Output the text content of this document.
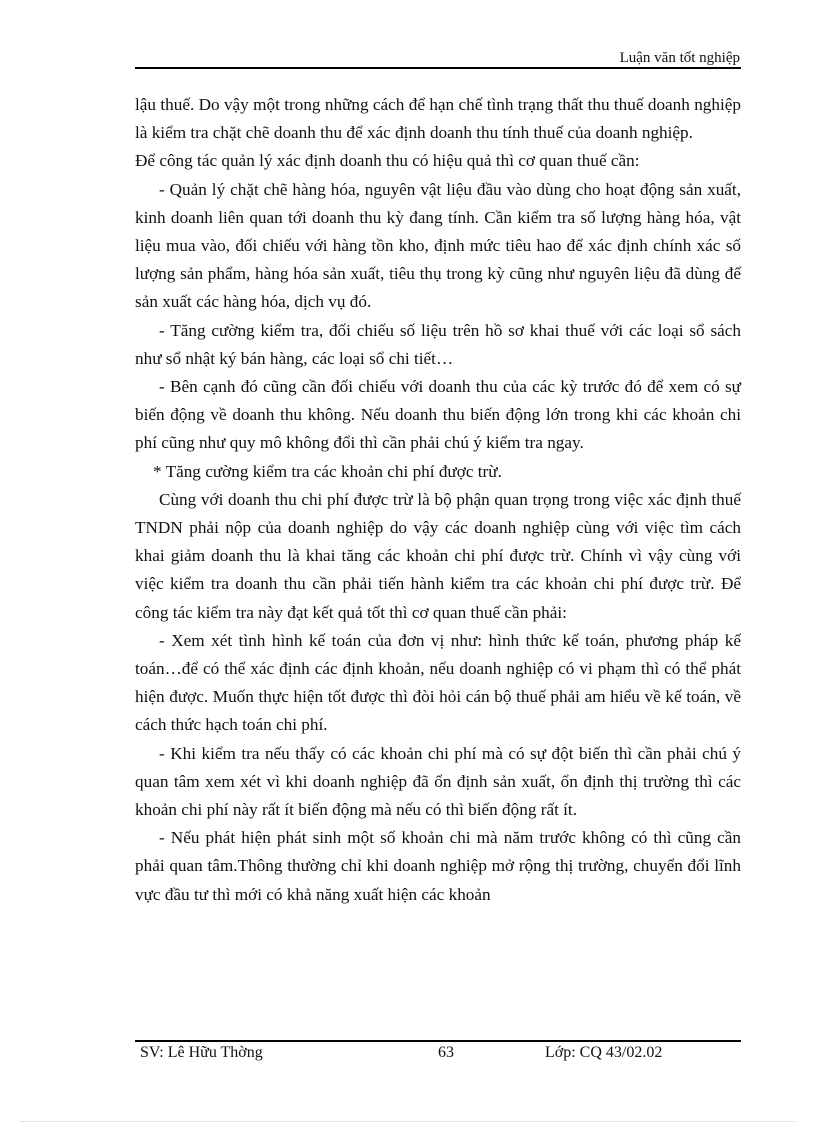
Luận văn tốt nghiệp

lậu thuế. Do vậy một trong những cách để hạn chế tình trạng thất thu thuế doanh nghiệp là kiểm tra chặt chẽ doanh thu để xác định doanh thu tính thuế của doanh nghiệp.

Để công tác quản lý xác định doanh thu có hiệu quả thì cơ quan thuế cần:

- Quản lý chặt chẽ hàng hóa, nguyên vật liệu đầu vào dùng cho hoạt động sản xuất, kinh doanh liên quan tới doanh thu kỳ đang tính. Cần kiểm tra số lượng hàng hóa, vật liệu mua vào, đối chiếu với hàng tồn kho, định mức tiêu hao để xác định chính xác số lượng sản phẩm, hàng hóa sản xuất, tiêu thụ trong kỳ cũng như nguyên liệu đã dùng để sản xuất các hàng hóa, dịch vụ đó.

- Tăng cường kiểm tra, đối chiếu số liệu trên hồ sơ khai thuế với các loại sổ sách như sổ nhật ký bán hàng, các loại sổ chi tiết…

- Bên cạnh đó cũng cần đối chiếu với doanh thu của các kỳ trước đó để xem có sự biến động về doanh thu không. Nếu doanh thu biến động lớn trong khi các khoản chi phí cũng như quy mô không đổi thì cần phải chú ý kiểm tra ngay.

* Tăng cường kiểm tra các khoản chi phí được trừ.

Cùng với doanh thu chi phí được trừ là bộ phận quan trọng trong việc xác định thuế TNDN phải nộp của doanh nghiệp do vậy các doanh nghiệp cùng với việc tìm cách khai giảm doanh thu là khai tăng các khoản chi phí được trừ. Chính vì vậy cùng với việc kiểm tra doanh thu cần phải tiến hành kiểm tra các khoản chi phí được trừ. Để công tác kiểm tra này đạt kết quả tốt thì cơ quan thuế cần phải:

- Xem xét tình hình kế toán của đơn vị như: hình thức kế toán, phương pháp kế toán…để có thể xác định các định khoản, nếu doanh nghiệp có vi phạm thì có thể phát hiện được. Muốn thực hiện tốt được thì đòi hỏi cán bộ thuế phải am hiểu về kế toán, về cách thức hạch toán chi phí.

- Khi kiểm tra nếu thấy có các khoản chi phí mà có sự đột biến thì cần phải chú ý quan tâm xem xét vì khi doanh nghiệp đã ổn định sản xuất, ổn định thị trường thì các khoản chi phí này rất ít biến động mà nếu có thì biến động rất ít.

- Nếu phát hiện phát sinh một số khoản chi mà năm trước không có thì cũng cần phải quan tâm.Thông thường chỉ khi doanh nghiệp mở rộng thị trường, chuyển đổi lĩnh vực đầu tư thì mới có khả năng xuất hiện các khoản

SV: Lê Hữu Thờng	63	Lớp: CQ 43/02.02
